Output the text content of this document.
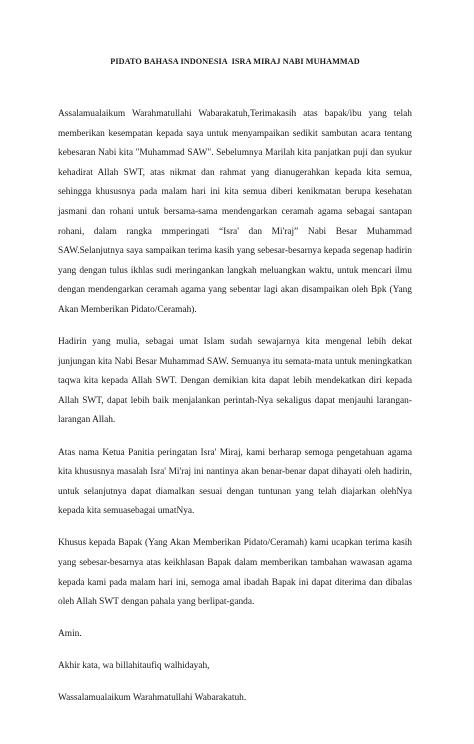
PIDATO BAHASA INDONESIA  ISRA MIRAJ NABI MUHAMMAD

Assalamualaikum Warahmatullahi Wabarakatuh,Terimakasih atas bapak/ibu yang telah memberikan kesempatan kepada saya untuk menyampaikan sedikit sambutan acara tentang kebesaran Nabi kita "Muhammad SAW". Sebelumnya Marilah kita panjatkan puji dan syukur kehadirat Allah SWT, atas nikmat dan rahmat yang dianugerahkan kepada kita semua, sehingga khususnya pada malam hari ini kita semua diberi kenikmatan berupa kesehatan jasmani dan rohani untuk bersama-sama mendengarkan ceramah agama sebagai santapan rohani, dalam rangka mmperingati “Isra' dan Mi'raj” Nabi Besar Muhammad SAW.Selanjutnya saya sampaikan terima kasih yang sebesar-besarnya kepada segenap hadirin yang dengan tulus ikhlas sudi meringankan langkah meluangkan waktu, untuk mencari ilmu dengan mendengarkan ceramah agama yang sebentar lagi akan disampaikan oleh Bpk (Yang Akan Memberikan Pidato/Ceramah).

Hadirin yang mulia, sebagai umat Islam sudah sewajarnya kita mengenal lebih dekat junjungan kita Nabi Besar Muhammad SAW. Semuanya itu semata-mata untuk meningkatkan taqwa kita kepada Allah SWT. Dengan demikian kita dapat lebih mendekatkan diri kepada Allah SWT, dapat lebih baik menjalankan perintah-Nya sekaligus dapat menjauhi larangan-larangan Allah.

Atas nama Ketua Panitia peringatan Isra' Miraj, kami berharap semoga pengetahuan agama kita khususnya masalah Isra' Mi'raj ini nantinya akan benar-benar dapat dihayati oleh hadirin, untuk selanjutnya dapat diamalkan sesuai dengan tuntunan yang telah diajarkan olehNya kepada kita semuasebagai umatNya.

Khusus kepada Bapak (Yang Akan Memberikan Pidato/Ceramah) kami ucapkan terima kasih yang sebesar-besarnya atas keikhlasan Bapak dalam memberikan tambahan wawasan agama kepada kami pada malam hari ini, semoga amal ibadah Bapak ini dapat diterima dan dibalas oleh Allah SWT dengan pahala yang berlipat-ganda.

Amin.

Akhir kata, wa billahitaufiq walhidayah,

Wassalamualaikum Warahmatullahi Wabarakatuh.
